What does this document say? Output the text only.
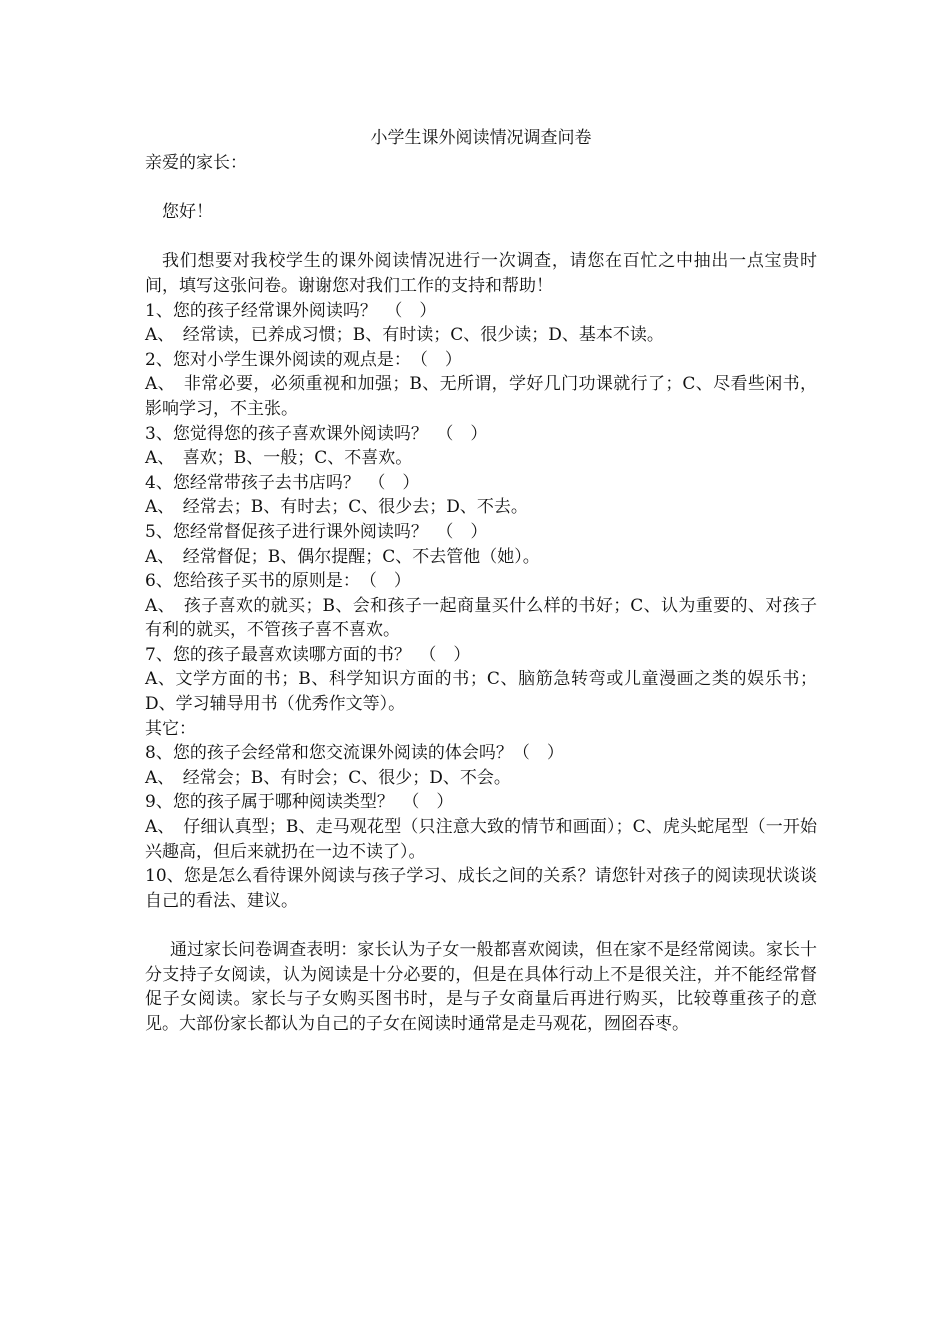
小学生课外阅读情况调查问卷

亲爱的家长：

您好！

我们想要对我校学生的课外阅读情况进行一次调查，请您在百忙之中抽出一点宝贵时间，填写这张问卷。谢谢您对我们工作的支持和帮助！

1、您的孩子经常课外阅读吗？　（　）

A、　经常读，已养成习惯；B、有时读；C、很少读；D、基本不读。

2、您对小学生课外阅读的观点是：　（　）

A、　非常必要，必须重视和加强；B、无所谓，学好几门功课就行了；C、尽看些闲书，影响学习，不主张。

3、您觉得您的孩子喜欢课外阅读吗？　（　）

A、　喜欢；B、一般；C、不喜欢。

4、您经常带孩子去书店吗？　（　）

A、　经常去；B、有时去；C、很少去；D、不去。

5、您经常督促孩子进行课外阅读吗？　（　）

A、　经常督促；B、偶尔提醒；C、不去管他（她）。

6、您给孩子买书的原则是：　（　）

A、　孩子喜欢的就买；B、会和孩子一起商量买什么样的书好；C、认为重要的、对孩子有利的就买，不管孩子喜不喜欢。

7、您的孩子最喜欢读哪方面的书？　（　）

A、文学方面的书；B、科学知识方面的书；C、脑筋急转弯或儿童漫画之类的娱乐书；D、学习辅导用书（优秀作文等）。

其它：

8、您的孩子会经常和您交流课外阅读的体会吗？（　）

A、　经常会；B、有时会；C、很少；D、不会。

9、您的孩子属于哪种阅读类型？　（　）

A、　仔细认真型；B、走马观花型（只注意大致的情节和画面）；C、虎头蛇尾型（一开始兴趣高，但后来就扔在一边不读了）。

10、您是怎么看待课外阅读与孩子学习、成长之间的关系？请您针对孩子的阅读现状谈谈自己的看法、建议。

通过家长问卷调查表明：家长认为子女一般都喜欢阅读，但在家不是经常阅读。家长十分支持子女阅读，认为阅读是十分必要的，但是在具体行动上不是很关注，并不能经常督促子女阅读。家长与子女购买图书时，是与子女商量后再进行购买，比较尊重孩子的意见。大部份家长都认为自己的子女在阅读时通常是走马观花，囫囵吞枣。
